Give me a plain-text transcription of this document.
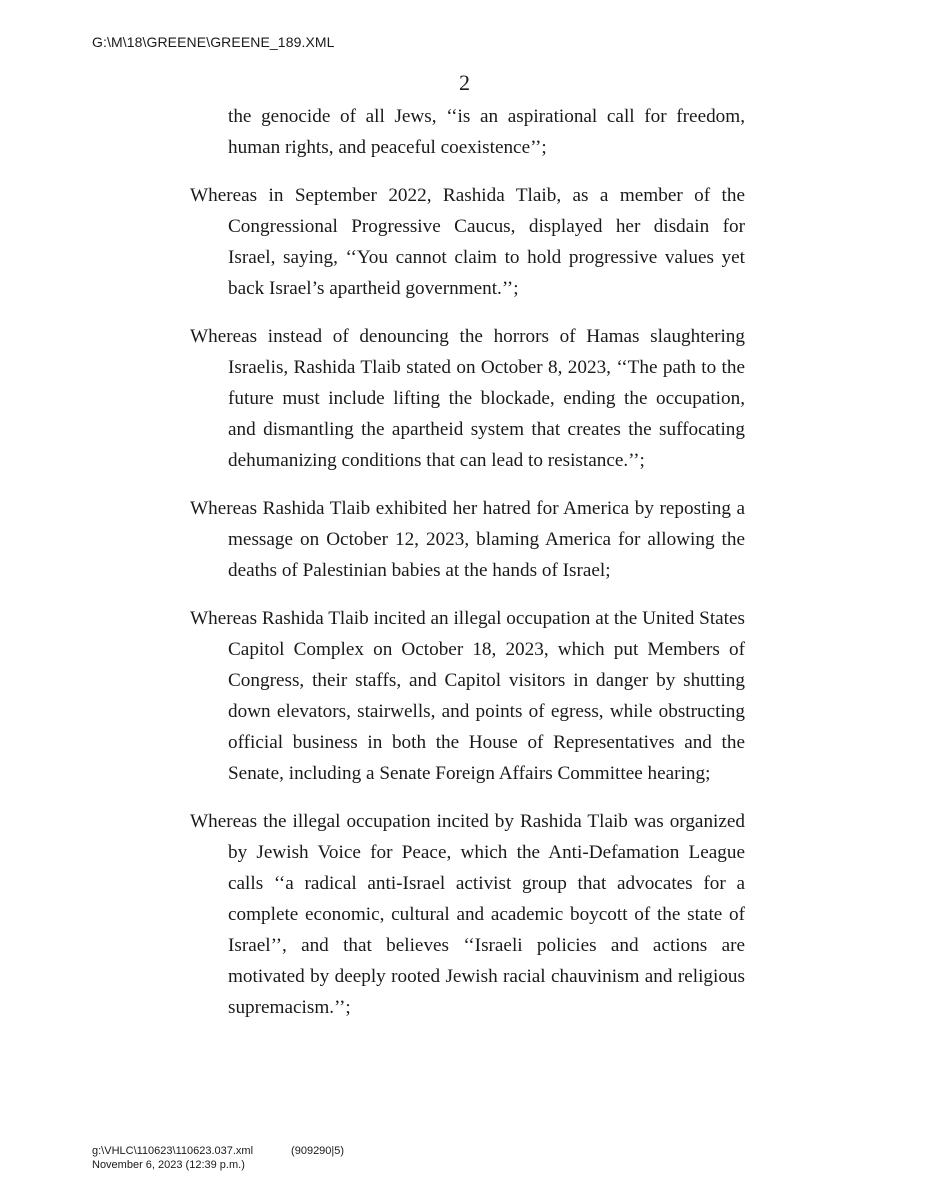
G:\M\18\GREENE\GREENE_189.XML
2

the genocide of all Jews, ‘‘is an aspirational call for freedom, human rights, and peaceful coexistence’’;

Whereas in September 2022, Rashida Tlaib, as a member of the Congressional Progressive Caucus, displayed her disdain for Israel, saying, ‘‘You cannot claim to hold progressive values yet back Israel’s apartheid government.’’;

Whereas instead of denouncing the horrors of Hamas slaughtering Israelis, Rashida Tlaib stated on October 8, 2023, ‘‘The path to the future must include lifting the blockade, ending the occupation, and dismantling the apartheid system that creates the suffocating dehumanizing conditions that can lead to resistance.’’;

Whereas Rashida Tlaib exhibited her hatred for America by reposting a message on October 12, 2023, blaming America for allowing the deaths of Palestinian babies at the hands of Israel;

Whereas Rashida Tlaib incited an illegal occupation at the United States Capitol Complex on October 18, 2023, which put Members of Congress, their staffs, and Capitol visitors in danger by shutting down elevators, stairwells, and points of egress, while obstructing official business in both the House of Representatives and the Senate, including a Senate Foreign Affairs Committee hearing;

Whereas the illegal occupation incited by Rashida Tlaib was organized by Jewish Voice for Peace, which the Anti-Defamation League calls ‘‘a radical anti-Israel activist group that advocates for a complete economic, cultural and academic boycott of the state of Israel’’, and that believes ‘‘Israeli policies and actions are motivated by deeply rooted Jewish racial chauvinism and religious supremacism.’’;

g:\VHLC\110623\110623.037.xml	(909290|5)
November 6, 2023 (12:39 p.m.)
